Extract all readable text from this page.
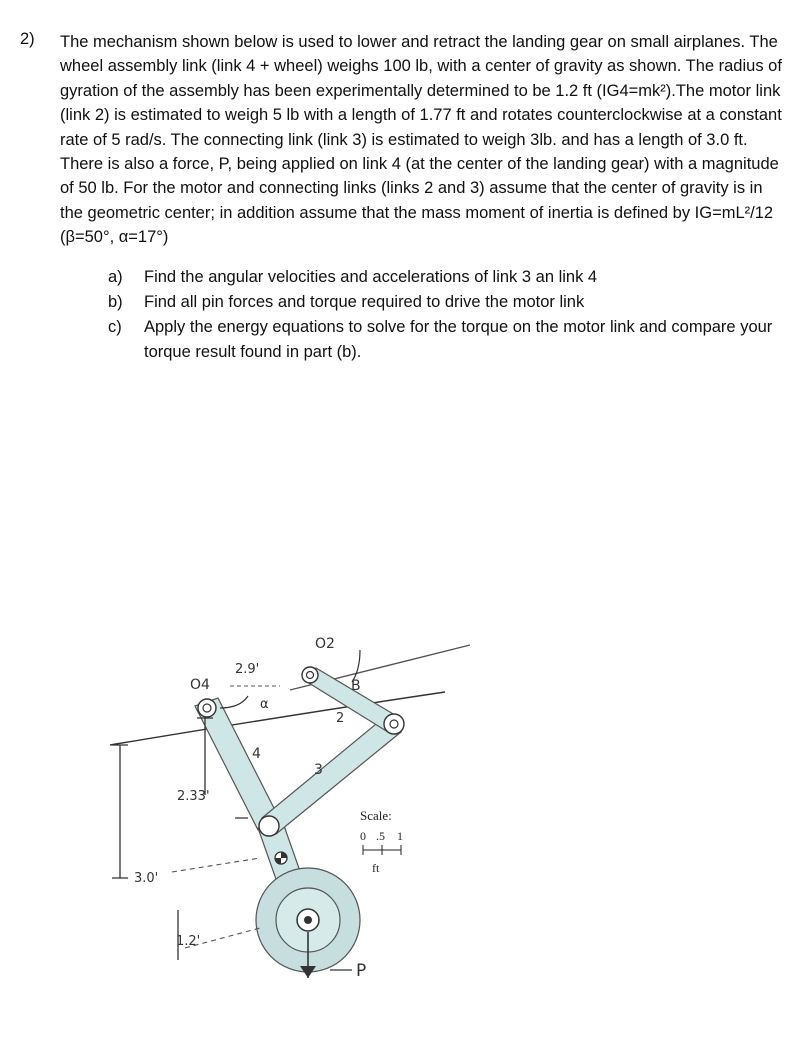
2) The mechanism shown below is used to lower and retract the landing gear on small airplanes. The wheel assembly link (link 4 + wheel) weighs 100 lb, with a center of gravity as shown. The radius of gyration of the assembly has been experimentally determined to be 1.2 ft (IG4=mk²).The motor link (link 2) is estimated to weigh 5 lb with a length of 1.77 ft and rotates counterclockwise at a constant rate of 5 rad/s. The connecting link (link 3) is estimated to weigh 3lb. and has a length of 3.0 ft. There is also a force, P, being applied on link 4 (at the center of the landing gear) with a magnitude of 50 lb. For the motor and connecting links (links 2 and 3) assume that the center of gravity is in the geometric center; in addition assume that the mass moment of inertia is defined by IG=mL²/12 (β=50°, α=17°)

a)	Find the angular velocities and accelerations of link 3 an link 4
b)	Find all pin forces and torque required to drive the motor link
c)	Apply the energy equations to solve for the torque on the motor link and compare your torque result found in part (b).
O2
O4
2.9'
α
B
2
3
4
2.33'
3.0'
1.2'
P
Scale:
0 .5 1
ft
